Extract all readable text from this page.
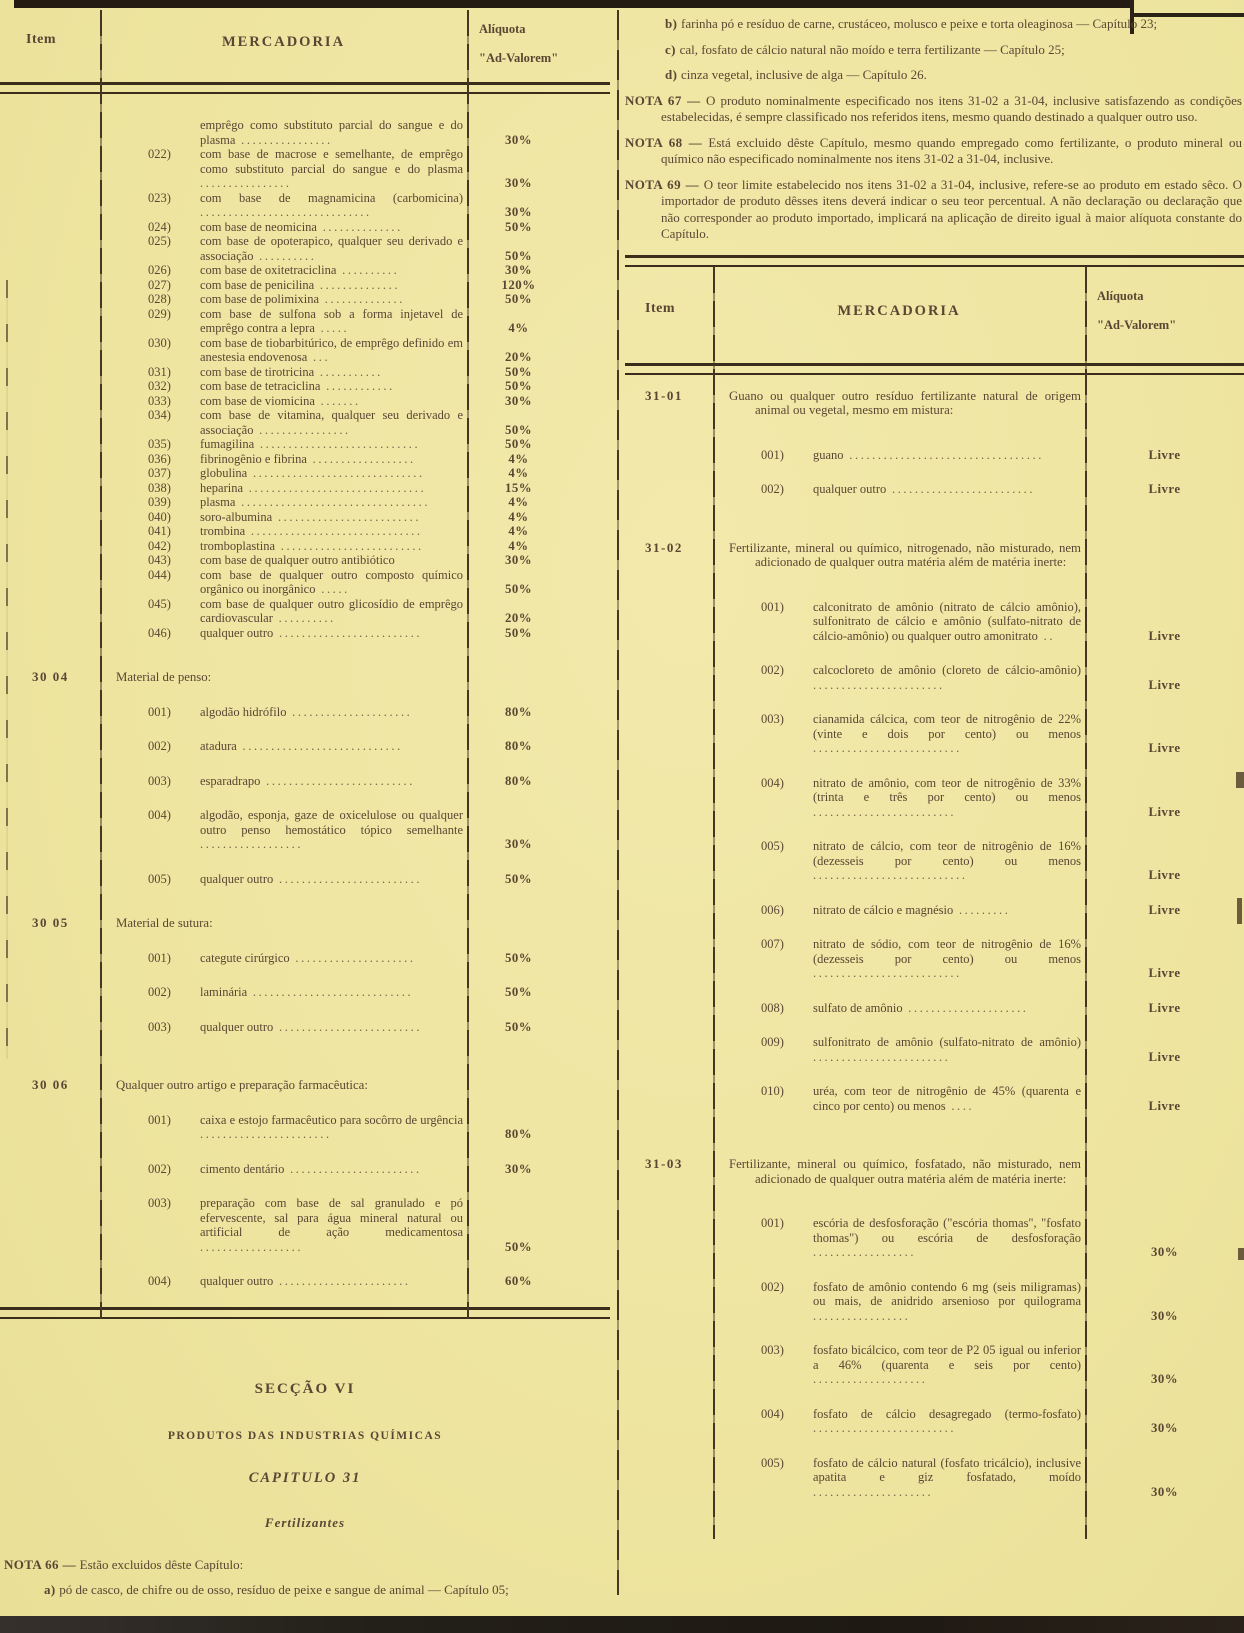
Item	MERCADORIA
Alíquota
"Ad-Valorem"
emprêgo como substituto parcial do sangue e do plasma ................	30%
022) com base de macrose e semelhante, de emprêgo como substituto parcial do sangue e do plasma ................	30%
023) com base de magnamicina (carbomicina) ..............................	30%
024) com base de neomicina ..............	50%
025) com base de opoterapico, qualquer seu derivado e associação ..........	50%
026) com base de oxitetraciclina ..........	30%
027) com base de penicilina ..............	120%
028) com base de polimixina ..............	50%
029) com base de sulfona sob a forma injetavel de emprêgo contra a lepra .....	4%
030) com base de tiobarbitúrico, de emprêgo definido em anestesia endovenosa ...	20%
031) com base de tirotricina ...........	50%
032) com base de tetraciclina ............	50%
033) com base de viomicina .......	30%
034) com base de vitamina, qualquer seu derivado e associação ................	50%
035) fumagilina ............................	50%
036) fibrinogênio e fibrina ..................	4%
037) globulina ..............................	4%
038) heparina ...............................	15%
039) plasma .................................	4%
040) soro-albumina .........................	4%
041) trombina ..............................	4%
042) tromboplastina .........................	4%
043) com base de qualquer outro antibiótico	30%
044) com base de qualquer outro composto químico orgânico ou inorgânico .....	50%
045) com base de qualquer outro glicosídio de emprêgo cardiovascular ..........	20%
046) qualquer outro .........................	50%
30 04	Material de penso:
001) algodão hidrófilo .....................	80%
002) atadura ............................	80%
003) esparadrapo ..........................	80%
004) algodão, esponja, gaze de oxicelulose ou qualquer outro penso hemostático tópico semelhante ..................	30%
005) qualquer outro .........................	50%
30 05	Material de sutura:
001) categute cirúrgico .....................	50%
002) laminária ............................	50%
003) qualquer outro .........................	50%
30 06	Qualquer outro artigo e preparação farmacêutica:
001) caixa e estojo farmacêutico para socôrro de urgência .......................	80%
002) cimento dentário .......................	30%
003) preparação com base de sal granulado e pó efervescente, sal para água mineral natural ou artificial de ação medicamentosa ..................	50%
004) qualquer outro .......................	60%
SECÇÃO VI
PRODUTOS DAS INDUSTRIAS QUÍMICAS
CAPITULO 31
Fertilizantes

NOTA 66 — Estão excluidos dêste Capítulo:

a) pó de casco, de chifre ou de osso, resíduo de peixe e sangue de animal — Capítulo 05;

b) farinha pó e resíduo de carne, crustáceo, molusco e peixe e torta oleaginosa — Capítulo 23;

c) cal, fosfato de cálcio natural não moído e terra fertilizante — Capítulo 25;

d) cinza vegetal, inclusive de alga — Capítulo 26.

NOTA 67 — O produto nominalmente especificado nos itens 31-02 a 31-04, inclusive satisfazendo as condições estabelecidas, é sempre classificado nos referidos itens, mesmo quando destinado a qualquer outro uso.

NOTA 68 — Está excluido dêste Capítulo, mesmo quando empregado como fertilizante, o produto mineral ou químico não especificado nominalmente nos itens 31-02 a 31-04, inclusive.

NOTA 69 — O teor limite estabelecido nos itens 31-02 a 31-04, inclusive, refere-se ao produto em estado sêco. O importador de produto dêsses itens deverá indicar o seu teor percentual. A não declaração ou declaração que não corresponder ao produto importado, implicará na aplicação de direito igual à maior alíquota constante do Capítulo.

Item	MERCADORIA
Alíquota
"Ad-Valorem"
31-01	Guano ou qualquer outro resíduo fertilizante natural de origem animal ou vegetal, mesmo em mistura:
001) guano ..................................	Livre
002) qualquer outro .........................	Livre
31-02	Fertilizante, mineral ou químico, nitrogenado, não misturado, nem adicionado de qualquer outra matéria além de matéria inerte:
001) calconitrato de amônio (nitrato de cálcio amônio), sulfonitrato de cálcio e amônio (sulfato-nitrato de cálcio-amônio) ou qualquer outro amonitrato ..	Livre
002) calcocloreto de amônio (cloreto de cálcio-amônio) .......................	Livre
003) cianamida cálcica, com teor de nitrogênio de 22% (vinte e dois por cento) ou menos ..........................	Livre
004) nitrato de amônio, com teor de nitrogênio de 33% (trinta e três por cento) ou menos .........................	Livre
005) nitrato de cálcio, com teor de nitrogênio de 16% (dezesseis por cento) ou menos ...........................	Livre
006) nitrato de cálcio e magnésio .........	Livre
007) nitrato de sódio, com teor de nitrogênio de 16% (dezesseis por cento) ou menos ..........................	Livre
008) sulfato de amônio .....................	Livre
009) sulfonitrato de amônio (sulfato-nitrato de amônio) ........................	Livre
010) uréa, com teor de nitrogênio de 45% (quarenta e cinco por cento) ou menos ....	Livre
31-03	Fertilizante, mineral ou químico, fosfatado, não misturado, nem adicionado de qualquer outra matéria além de matéria inerte:
001) escória de desfosforação ("escória thomas", "fosfato thomas") ou escória de desfosforação ..................	30%
002) fosfato de amônio contendo 6 mg (seis miligramas) ou mais, de anidrido arsenioso por quilograma .................	30%
003) fosfato bicálcico, com teor de P2 05 igual ou inferior a 46% (quarenta e seis por cento) ....................	30%
004) fosfato de cálcio desagregado (termo-fosfato) .........................	30%
005) fosfato de cálcio natural (fosfato tricálcio), inclusive apatita e giz fosfatado, moído .....................	30%
